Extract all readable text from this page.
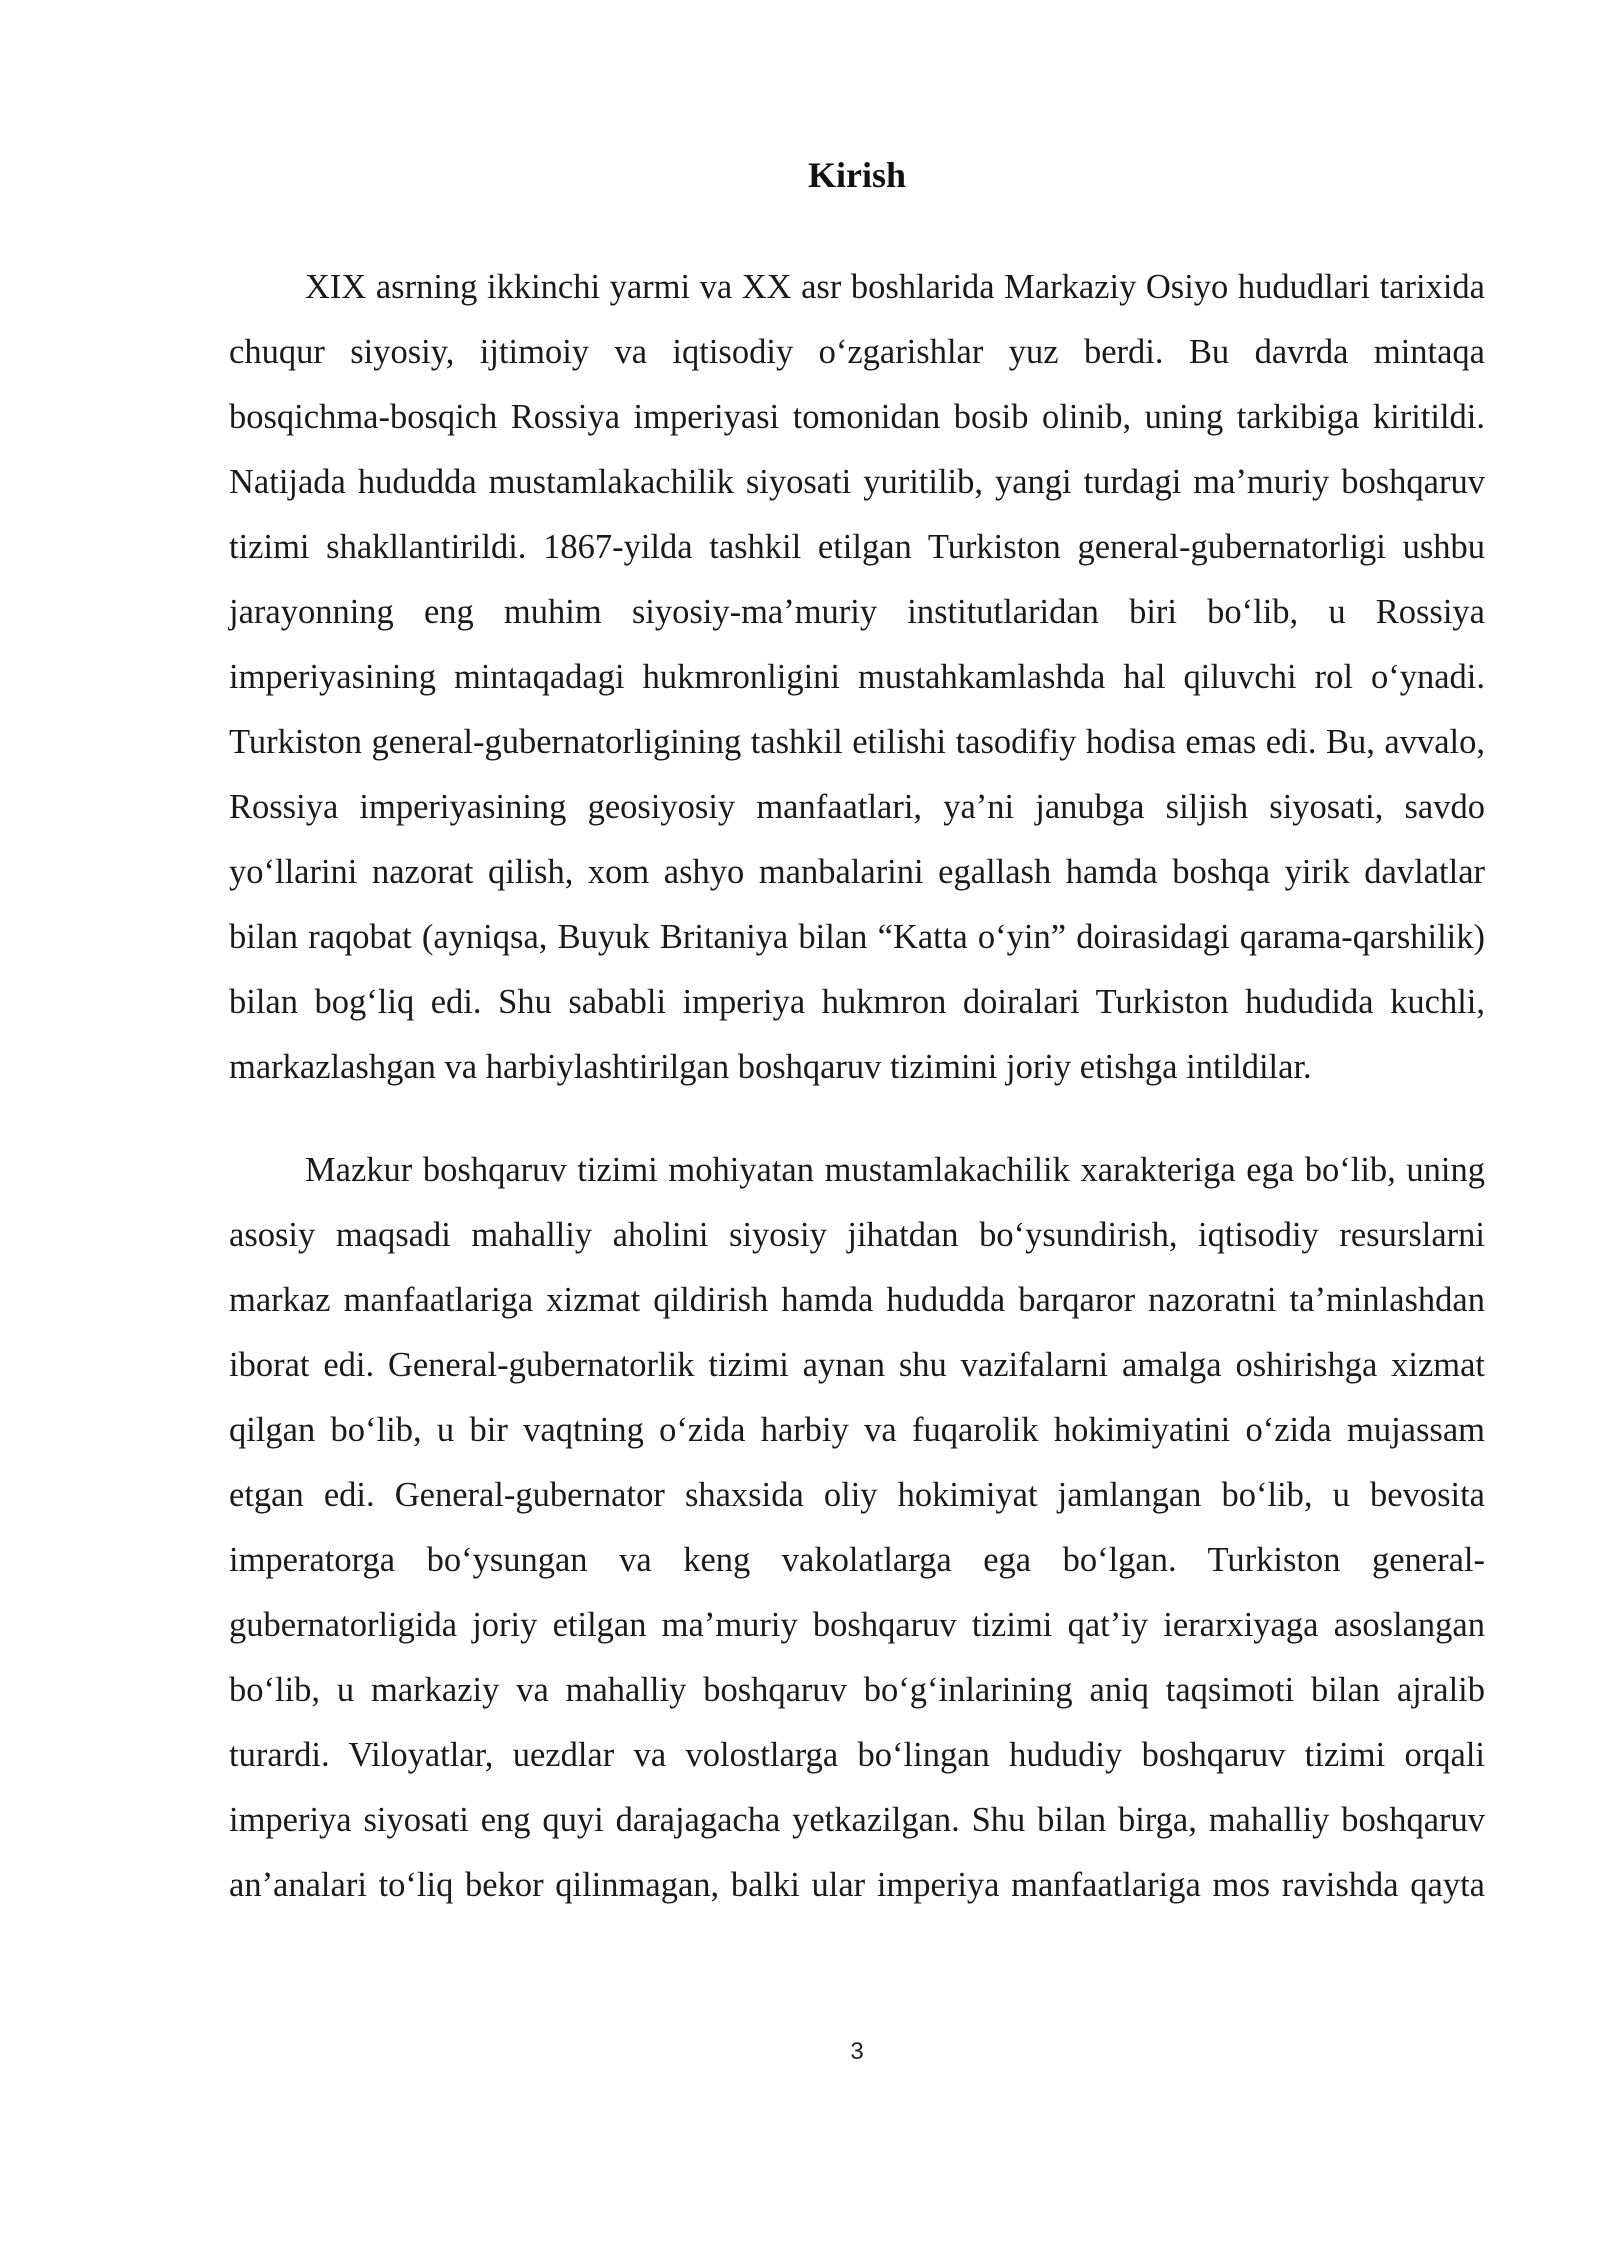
Kirish

XIX asrning ikkinchi yarmi va XX asr boshlarida Markaziy Osiyo hududlari tarixida chuqur siyosiy, ijtimoiy va iqtisodiy oʻzgarishlar yuz berdi. Bu davrda mintaqa bosqichma-bosqich Rossiya imperiyasi tomonidan bosib olinib, uning tarkibiga kiritildi. Natijada hududda mustamlakachilik siyosati yuritilib, yangi turdagi maʼmuriy boshqaruv tizimi shakllantirildi. 1867-yilda tashkil etilgan Turkiston general-gubernatorligi ushbu jarayonning eng muhim siyosiy-maʼmuriy institutlaridan biri boʻlib, u Rossiya imperiyasining mintaqadagi hukmronligini mustahkamlashda hal qiluvchi rol oʻynadi. Turkiston general-gubernatorligining tashkil etilishi tasodifiy hodisa emas edi. Bu, avvalo, Rossiya imperiyasining geosiyosiy manfaatlari, yaʼni janubga siljish siyosati, savdo yoʻllarini nazorat qilish, xom ashyo manbalarini egallash hamda boshqa yirik davlatlar bilan raqobat (ayniqsa, Buyuk Britaniya bilan “Katta oʻyin” doirasidagi qarama-qarshilik) bilan bogʻliq edi. Shu sababli imperiya hukmron doiralari Turkiston hududida kuchli, markazlashgan va harbiylashtirilgan boshqaruv tizimini joriy etishga intildilar.

Mazkur boshqaruv tizimi mohiyatan mustamlakachilik xarakteriga ega boʻlib, uning asosiy maqsadi mahalliy aholini siyosiy jihatdan boʻysundirish, iqtisodiy resurslarni markaz manfaatlariga xizmat qildirish hamda hududda barqaror nazoratni taʼminlashdan iborat edi. General-gubernatorlik tizimi aynan shu vazifalarni amalga oshirishga xizmat qilgan boʻlib, u bir vaqtning oʻzida harbiy va fuqarolik hokimiyatini oʻzida mujassam etgan edi. General-gubernator shaxsida oliy hokimiyat jamlangan boʻlib, u bevosita imperatorga boʻysungan va keng vakolatlarga ega boʻlgan. Turkiston general-gubernatorligida joriy etilgan maʼmuriy boshqaruv tizimi qatʼiy ierarxiyaga asoslangan boʻlib, u markaziy va mahalliy boshqaruv boʻgʻinlarining aniq taqsimoti bilan ajralib turardi. Viloyatlar, uezdlar va volostlarga boʻlingan hududiy boshqaruv tizimi orqali imperiya siyosati eng quyi darajagacha yetkazilgan. Shu bilan birga, mahalliy boshqaruv anʼanalari toʻliq bekor qilinmagan, balki ular imperiya manfaatlariga mos ravishda qayta

3
